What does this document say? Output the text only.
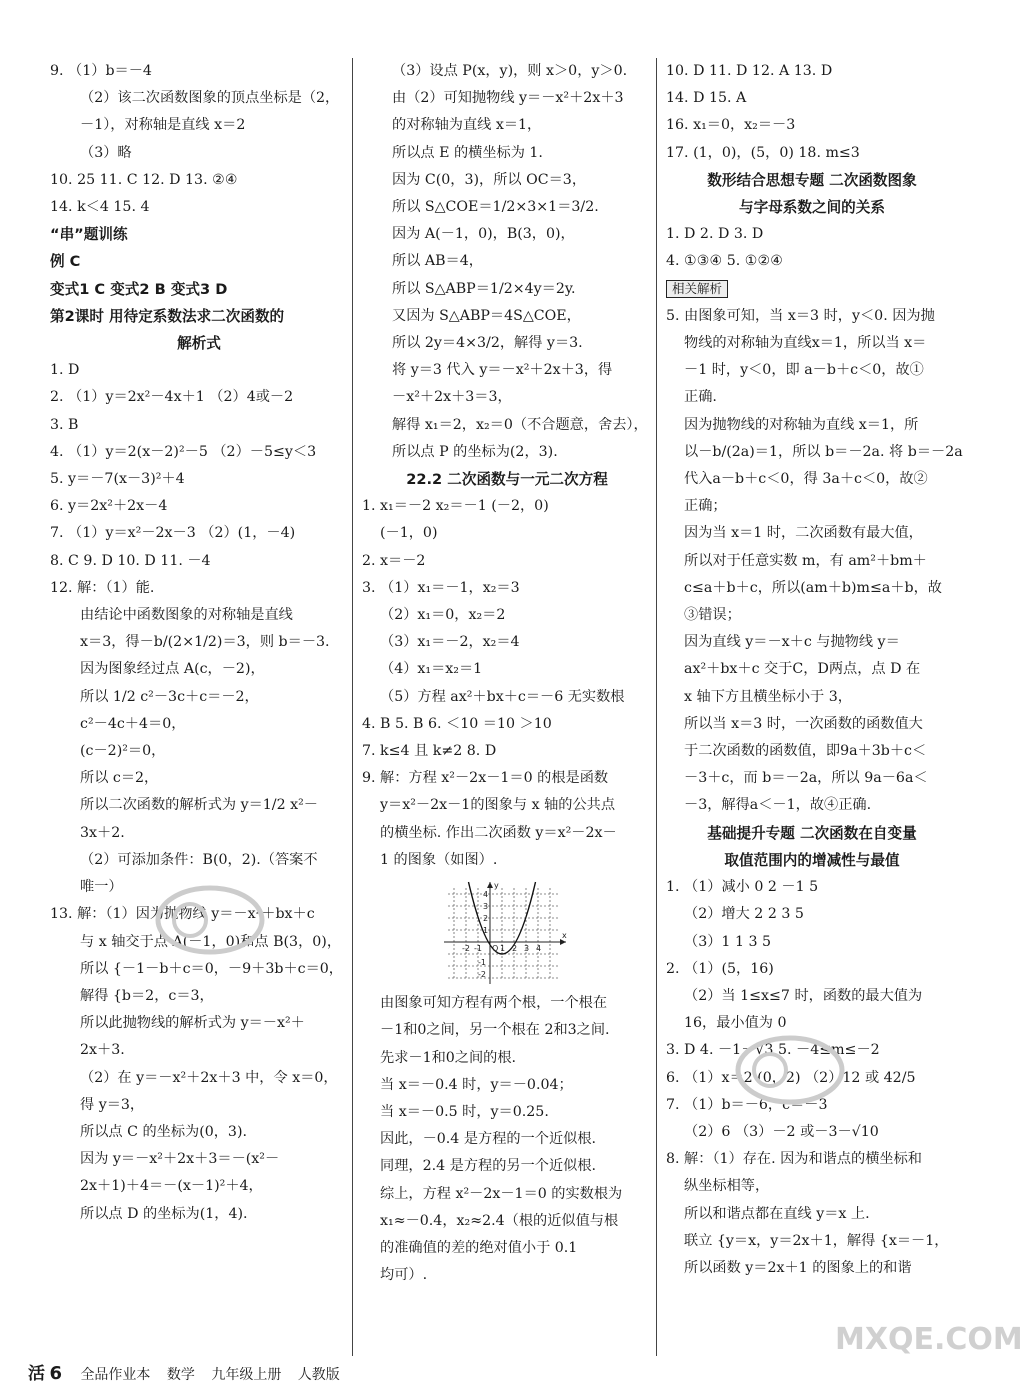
9. （1）b＝－4
（2）该二次函数图象的顶点坐标是（2，
－1），对称轴是直线 x＝2
（3）略
10. 25 11. C 12. D 13. ②④
14. k＜4 15. 4
“串”题训练
例 C
变式1 C 变式2 B 变式3 D
第2课时 用待定系数法求二次函数的
解析式
1. D
2. （1）y＝2x²－4x＋1 （2）4或－2
3. B
4. （1）y＝2(x－2)²－5 （2）－5≤y＜3
5. y＝－7(x－3)²＋4
6. y＝2x²＋2x－4
7. （1）y＝x²－2x－3 （2）(1，－4)
8. C 9. D 10. D 11. －4
12. 解：（1）能.
由结论中函数图象的对称轴是直线
x＝3，得－b/(2×1/2)＝3，则 b＝－3.
因为图象经过点 A(c，－2)，
所以 1/2 c²－3c＋c＝－2，
c²－4c＋4＝0，
(c－2)²＝0，
所以 c＝2，
所以二次函数的解析式为 y＝1/2 x²－
3x＋2.
（2）可添加条件：B(0，2).（答案不
唯一）
13. 解：（1）因为抛物线 y＝－x²＋bx＋c
与 x 轴交于点 A(－1，0)和点 B(3，0)，
所以 {－1－b＋c＝0，－9＋3b＋c＝0，
解得 {b＝2，c＝3，
所以此抛物线的解析式为 y＝－x²＋
2x＋3.
（2）在 y＝－x²＋2x＋3 中，令 x＝0，
得 y＝3，
所以点 C 的坐标为(0，3).
因为 y＝－x²＋2x＋3＝－(x²－
2x＋1)＋4＝－(x－1)²＋4，
所以点 D 的坐标为(1，4).
（3）设点 P(x，y)，则 x＞0，y＞0.
由（2）可知抛物线 y＝－x²＋2x＋3
的对称轴为直线 x＝1，
所以点 E 的横坐标为 1.
因为 C(0，3)，所以 OC＝3，
所以 S△COE＝1/2×3×1＝3/2.
因为 A(－1，0)，B(3，0)，
所以 AB＝4，
所以 S△ABP＝1/2×4y＝2y.
又因为 S△ABP＝4S△COE，
所以 2y＝4×3/2，解得 y＝3.
将 y＝3 代入 y＝－x²＋2x＋3，得
－x²＋2x＋3＝3，
解得 x₁＝2，x₂＝0（不合题意，舍去），
所以点 P 的坐标为(2，3).
22.2 二次函数与一元二次方程
1. x₁＝－2 x₂＝－1 (－2，0)
(－1，0)
2. x＝－2
3. （1）x₁＝－1，x₂＝3
（2）x₁＝0，x₂＝2
（3）x₁＝－2，x₂＝4
（4）x₁＝x₂＝1
（5）方程 ax²＋bx＋c＝－6 无实数根
4. B 5. B 6. ＜10 ＝10 ＞10
7. k≤4 且 k≠2 8. D
9. 解：方程 x²－2x－1＝0 的根是函数
y＝x²－2x－1的图象与 x 轴的公共点
的横坐标. 作出二次函数 y＝x²－2x－
1 的图象（如图）.
y
x
O
4
3
2
1
-1
-2
-2 -1 1 2 3 4
由图象可知方程有两个根，一个根在
－1和0之间，另一个根在 2和3之间.
先求－1和0之间的根.
当 x＝－0.4 时，y＝－0.04；
当 x＝－0.5 时，y＝0.25.
因此，－0.4 是方程的一个近似根.
同理，2.4 是方程的另一个近似根.
综上，方程 x²－2x－1＝0 的实数根为
x₁≈－0.4，x₂≈2.4（根的近似值与根
的准确值的差的绝对值小于 0.1
均可）.
10. D 11. D 12. A 13. D
14. D 15. A
16. x₁＝0，x₂＝－3
17. (1，0)，(5，0) 18. m≤3
数形结合思想专题 二次函数图象
与字母系数之间的关系
1. D 2. D 3. D
4. ①③④ 5. ①②④
相关解析
5. 由图象可知，当 x＝3 时，y＜0. 因为抛
物线的对称轴为直线x＝1，所以当 x＝
－1 时，y＜0，即 a－b＋c＜0，故①
正确.
因为抛物线的对称轴为直线 x＝1，所
以－b/(2a)＝1，所以 b＝－2a. 将 b＝－2a
代入a－b＋c＜0，得 3a＋c＜0，故②
正确；
因为当 x＝1 时，二次函数有最大值，
所以对于任意实数 m，有 am²＋bm＋
c≤a＋b＋c，所以(am＋b)m≤a＋b，故
③错误；
因为直线 y＝－x＋c 与抛物线 y＝
ax²＋bx＋c 交于C，D两点，点 D 在
x 轴下方且横坐标小于 3，
所以当 x＝3 时，一次函数的函数值大
于二次函数的函数值，即9a＋3b＋c＜
－3＋c，而 b＝－2a，所以 9a－6a＜
－3，解得a＜－1，故④正确.
基础提升专题 二次函数在自变量
取值范围内的增减性与最值
1. （1）减小 0 2 －1 5
（2）增大 2 2 3 5
（3）1 1 3 5
2. （1）(5，16)
（2）当 1≤x≤7 时，函数的最大值为
16，最小值为 0
3. D 4. －1－√3 5. －4≤m≤－2
6. （1）x＝2 (0，2) （2）12 或 42/5
7. （1）b＝－6，c＝－3
（2）6 （3）－2 或－3－√10
8. 解：（1）存在. 因为和谐点的横坐标和
纵坐标相等，
所以和谐点都在直线 y＝x 上.
联立 {y＝x，y＝2x＋1，解得 {x＝－1，
所以函数 y＝2x＋1 的图象上的和谐
MXQE.COM
活 6 全品作业本 数学 九年级上册 人教版
